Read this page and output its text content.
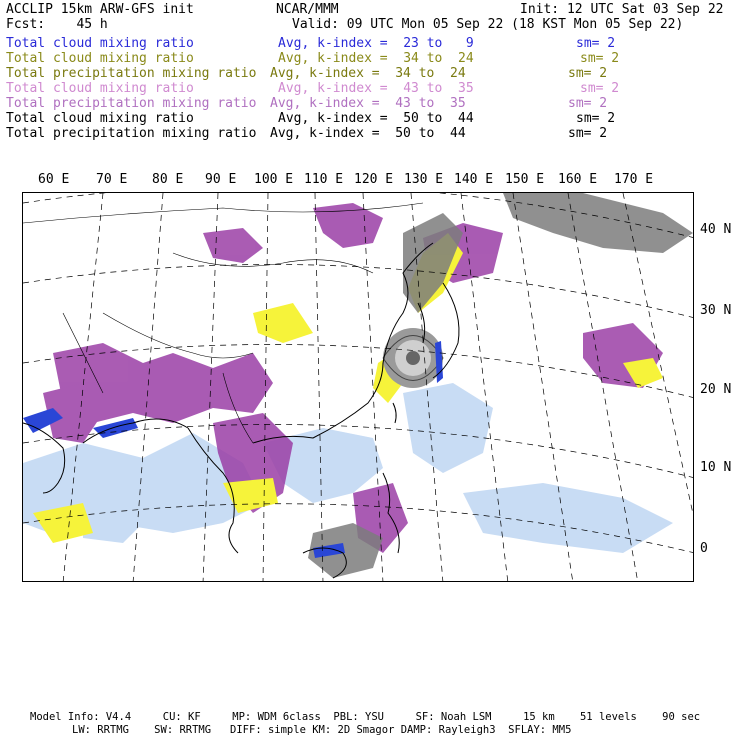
ACCLIP 15km ARW-GFS init	NCAR/MMM	Init: 12 UTC Sat 03 Sep 22
Fcst: 45 h	Valid: 09 UTC Mon 05 Sep 22 (18 KST Mon 05 Sep 22)
Total cloud mixing ratio	Avg, k-index =  23 to   9	sm= 2
Total cloud mixing ratio	Avg, k-index =  34 to  24	sm= 2
Total precipitation mixing ratio Avg, k-index =  34 to  24	sm= 2
Total cloud mixing ratio	Avg, k-index =  43 to  35	sm= 2
Total precipitation mixing ratio Avg, k-index =  43 to  35	sm= 2
Total cloud mixing ratio	Avg, k-index =  50 to  44	sm= 2
Total precipitation mixing ratio Avg, k-index =  50 to  44	sm= 2
60 E 70 E 80 E 90 E 100 E 110 E 120 E 130 E 140 E 150 E 160 E 170 E
40 N
30 N
20 N
10 N
0
Model Info: V4.4     CU: KF     MP: WDM 6class  PBL: YSU     SF: Noah LSM     15 km    51 levels    90 sec
LW: RRTMG    SW: RRTMG   DIFF: simple KM: 2D Smagor DAMP: Rayleigh3  SFLAY: MM5
